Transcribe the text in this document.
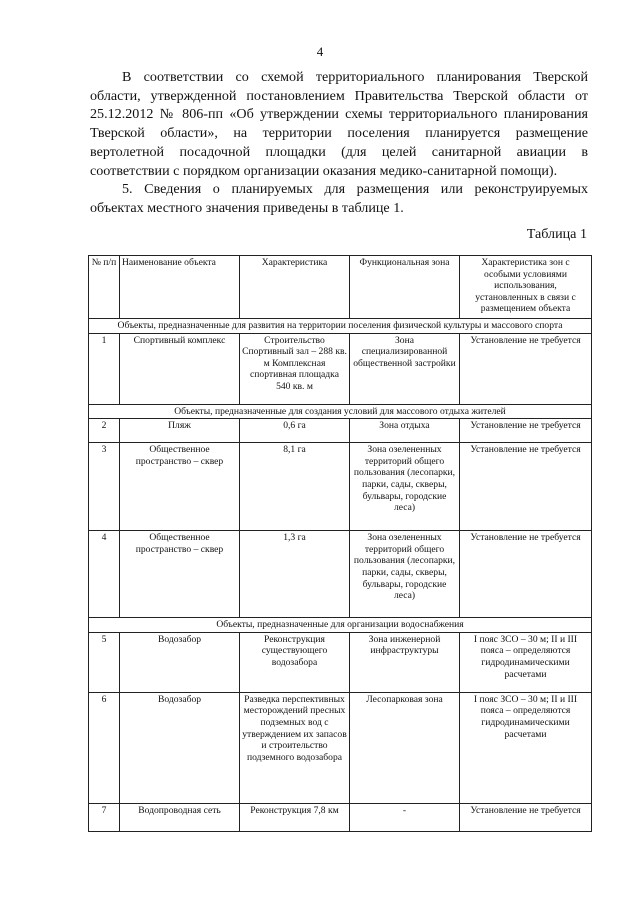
4

В соответствии со схемой территориального планирования Тверской области, утвержденной постановлением Правительства Тверской области от 25.12.2012 № 806-пп «Об утверждении схемы территориального планирования Тверской области», на территории поселения планируется размещение вертолетной посадочной площадки (для целей санитарной авиации в соответствии с порядком организации оказания медико-санитарной помощи).

5. Сведения о планируемых для размещения или реконструируемых объектах местного значения приведены в таблице 1.

Таблица 1
№ п/п	Наименование объекта	Характеристика	Функциональная зона	Характеристика зон с особыми условиями использования, установленных в связи с размещением объекта
Объекты, предназначенные для развития на территории поселения физической культуры и массового спорта				
1	Спортивный комплекс	Строительство Спортивный зал – 288 кв. м Комплексная спортивная площадка 540 кв. м	Зона специализированной общественной застройки	Установление не требуется
Объекты, предназначенные для создания условий для массового отдыха жителей				
2	Пляж	0,6 га	Зона отдыха	Установление не требуется
3	Общественное пространство – сквер	8,1 га	Зона озелененных территорий общего пользования (лесопарки, парки, сады, скверы, бульвары, городские леса)	Установление не требуется
4	Общественное пространство – сквер	1,3 га	Зона озелененных территорий общего пользования (лесопарки, парки, сады, скверы, бульвары, городские леса)	Установление не требуется
Объекты, предназначенные для организации водоснабжения				
5	Водозабор	Реконструкция существующего водозабора	Зона инженерной инфраструктуры	I пояс ЗСО – 30 м; II и III пояса – определяются гидродинамическими расчетами
6	Водозабор	Разведка перспективных месторождений пресных подземных вод с утверждением их запасов и строительство подземного водозабора	Лесопарковая зона	I пояс ЗСО – 30 м; II и III пояса – определяются гидродинамическими расчетами
7	Водопроводная сеть	Реконструкция 7,8 км	-	Установление не требуется
